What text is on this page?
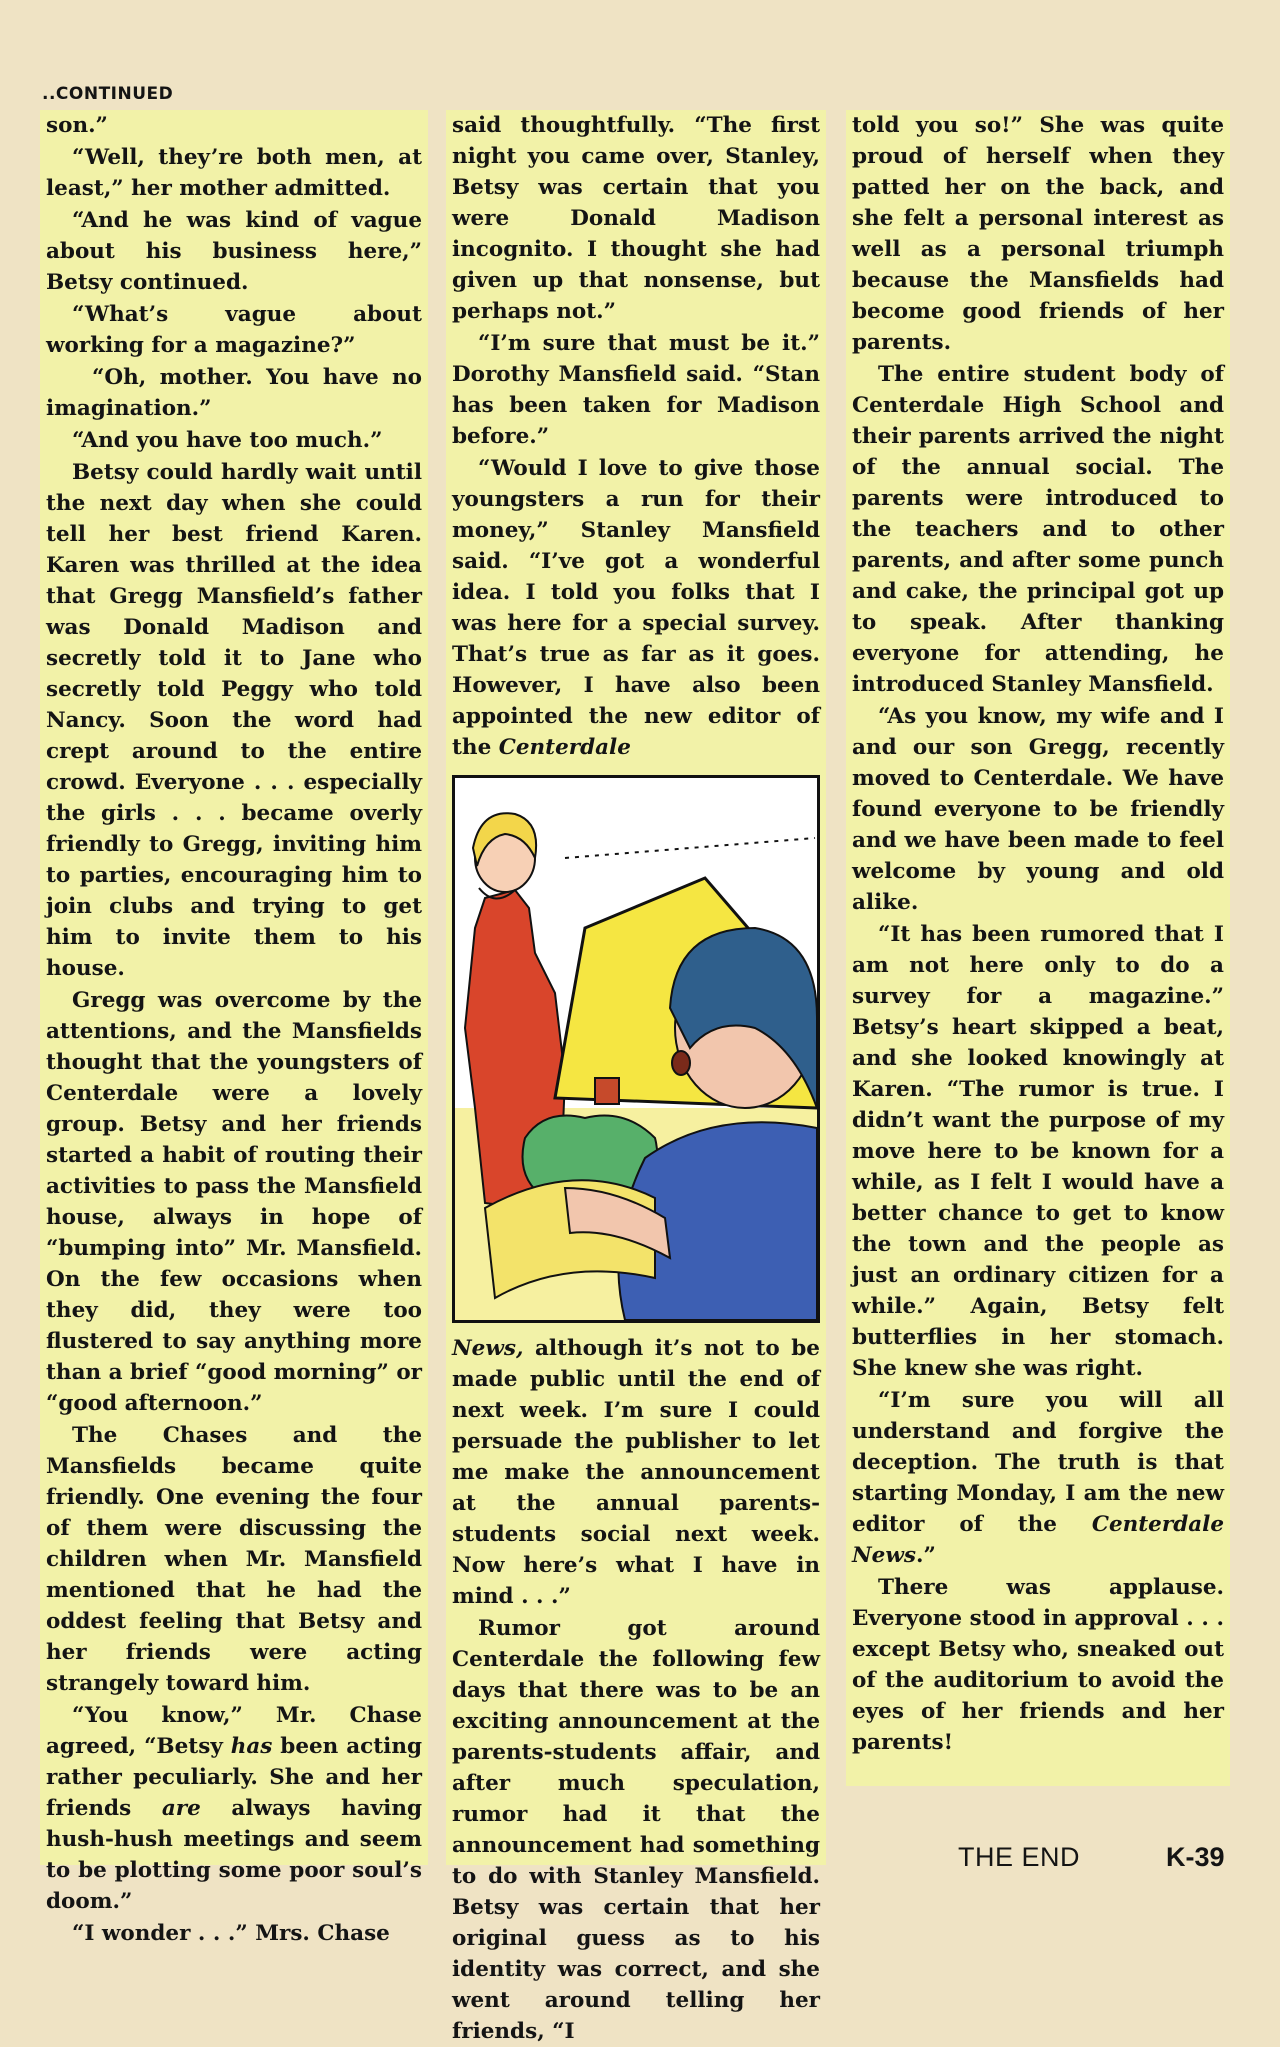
..CONTINUED

son.”

“Well, they’re both men, at least,” her mother admitted.

“And he was kind of vague about his business here,” Betsy continued.

“What’s vague about working for a magazine?”

“Oh, mother. You have no imagination.”

“And you have too much.”

Betsy could hardly wait until the next day when she could tell her best friend Karen. Karen was thrilled at the idea that Gregg Mansfield’s father was Donald Madison and secretly told it to Jane who secretly told Peggy who told Nancy. Soon the word had crept around to the entire crowd. Everyone . . . especially the girls . . . became overly friendly to Gregg, inviting him to parties, encouraging him to join clubs and trying to get him to invite them to his house.

Gregg was overcome by the attentions, and the Mansfields thought that the youngsters of Centerdale were a lovely group. Betsy and her friends started a habit of routing their activities to pass the Mansfield house, always in hope of “bumping into” Mr. Mansfield. On the few occasions when they did, they were too flustered to say anything more than a brief “good morning” or “good afternoon.”

The Chases and the Mansfields became quite friendly. One evening the four of them were discussing the children when Mr. Mansfield mentioned that he had the oddest feeling that Betsy and her friends were acting strangely toward him.

“You know,” Mr. Chase agreed, “Betsy has been acting rather peculiarly. She and her friends are always having hush-hush meetings and seem to be plotting some poor soul’s doom.”

“I wonder . . .” Mrs. Chase

said thoughtfully. “The first night you came over, Stanley, Betsy was certain that you were Donald Madison incognito. I thought she had given up that nonsense, but perhaps not.”

“I’m sure that must be it.” Dorothy Mansfield said. “Stan has been taken for Madison before.”

“Would I love to give those youngsters a run for their money,” Stanley Mansfield said. “I’ve got a wonderful idea. I told you folks that I was here for a special survey. That’s true as far as it goes. However, I have also been appointed the new editor of the Centerdale

News, although it’s not to be made public until the end of next week. I’m sure I could persuade the publisher to let me make the announcement at the annual parents-students social next week. Now here’s what I have in mind . . .”

Rumor got around Centerdale the following few days that there was to be an exciting announcement at the parents-students affair, and after much speculation, rumor had it that the announcement had something to do with Stanley Mansfield. Betsy was certain that her original guess as to his identity was correct, and she went around telling her friends, “I

told you so!” She was quite proud of herself when they patted her on the back, and she felt a personal interest as well as a personal triumph because the Mansfields had become good friends of her parents.

The entire student body of Centerdale High School and their parents arrived the night of the annual social. The parents were introduced to the teachers and to other parents, and after some punch and cake, the principal got up to speak. After thanking everyone for attending, he introduced Stanley Mansfield.

“As you know, my wife and I and our son Gregg, recently moved to Centerdale. We have found everyone to be friendly and we have been made to feel welcome by young and old alike.

“It has been rumored that I am not here only to do a survey for a magazine.” Betsy’s heart skipped a beat, and she looked knowingly at Karen. “The rumor is true. I didn’t want the purpose of my move here to be known for a while, as I felt I would have a better chance to get to know the town and the people as just an ordinary citizen for a while.” Again, Betsy felt butterflies in her stomach. She knew she was right.

“I’m sure you will all understand and forgive the deception. The truth is that starting Monday, I am the new editor of the Centerdale News.”

There was applause. Everyone stood in approval . . . except Betsy who, sneaked out of the auditorium to avoid the eyes of her friends and her parents!

THE END	K-39
